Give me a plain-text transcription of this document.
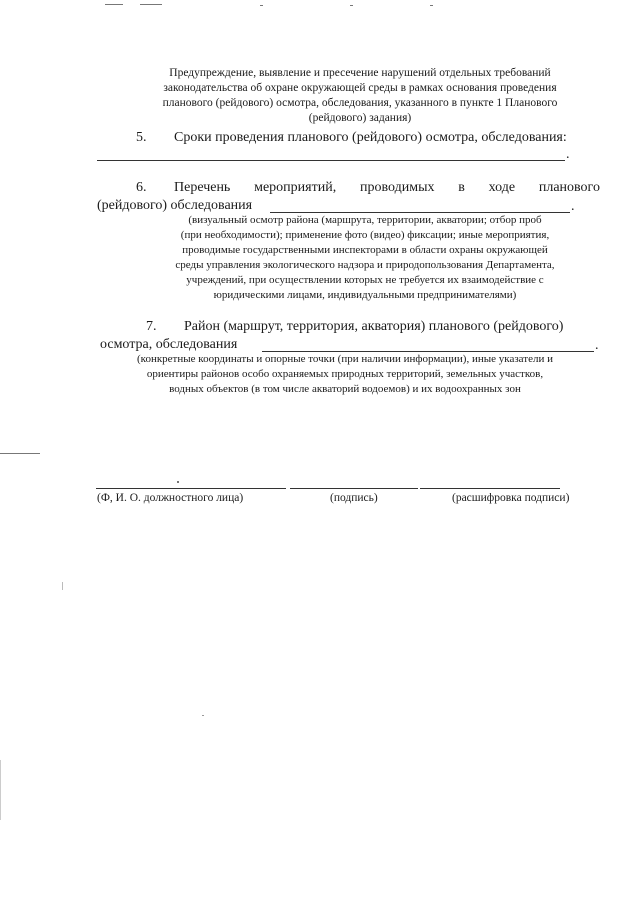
Предупреждение, выявление и пресечение нарушений отдельных требований
законодательства об охране окружающей среды в рамках основания проведения
планового (рейдового) осмотра, обследования, указанного в пункте 1 Планового
(рейдового) задания)
5. Сроки проведения планового (рейдового) осмотра, обследования:
.
6. Перечень мероприятий, проводимых в ходе планового
(рейдового) обследования	.
(визуальный осмотр района (маршрута, территории, акватории; отбор проб
(при необходимости); применение фото (видео) фиксации; иные мероприятия,
проводимые государственными инспекторами в области охраны окружающей
среды управления экологического надзора и природопользования Департамента,
учреждений, при осуществлении которых не требуется их взаимодействие с
юридическими лицами, индивидуальными предпринимателями)
7. Район (маршрут, территория, акватория) планового (рейдового)
осмотра, обследования	.
(конкретные координаты и опорные точки (при наличии информации), иные указатели и
ориентиры районов особо охраняемых природных территорий, земельных участков,
водных объектов (в том числе акваторий водоемов) и их водоохранных зон
(Ф, И. О. должностного лица)	(подпись)	(расшифровка подписи)
